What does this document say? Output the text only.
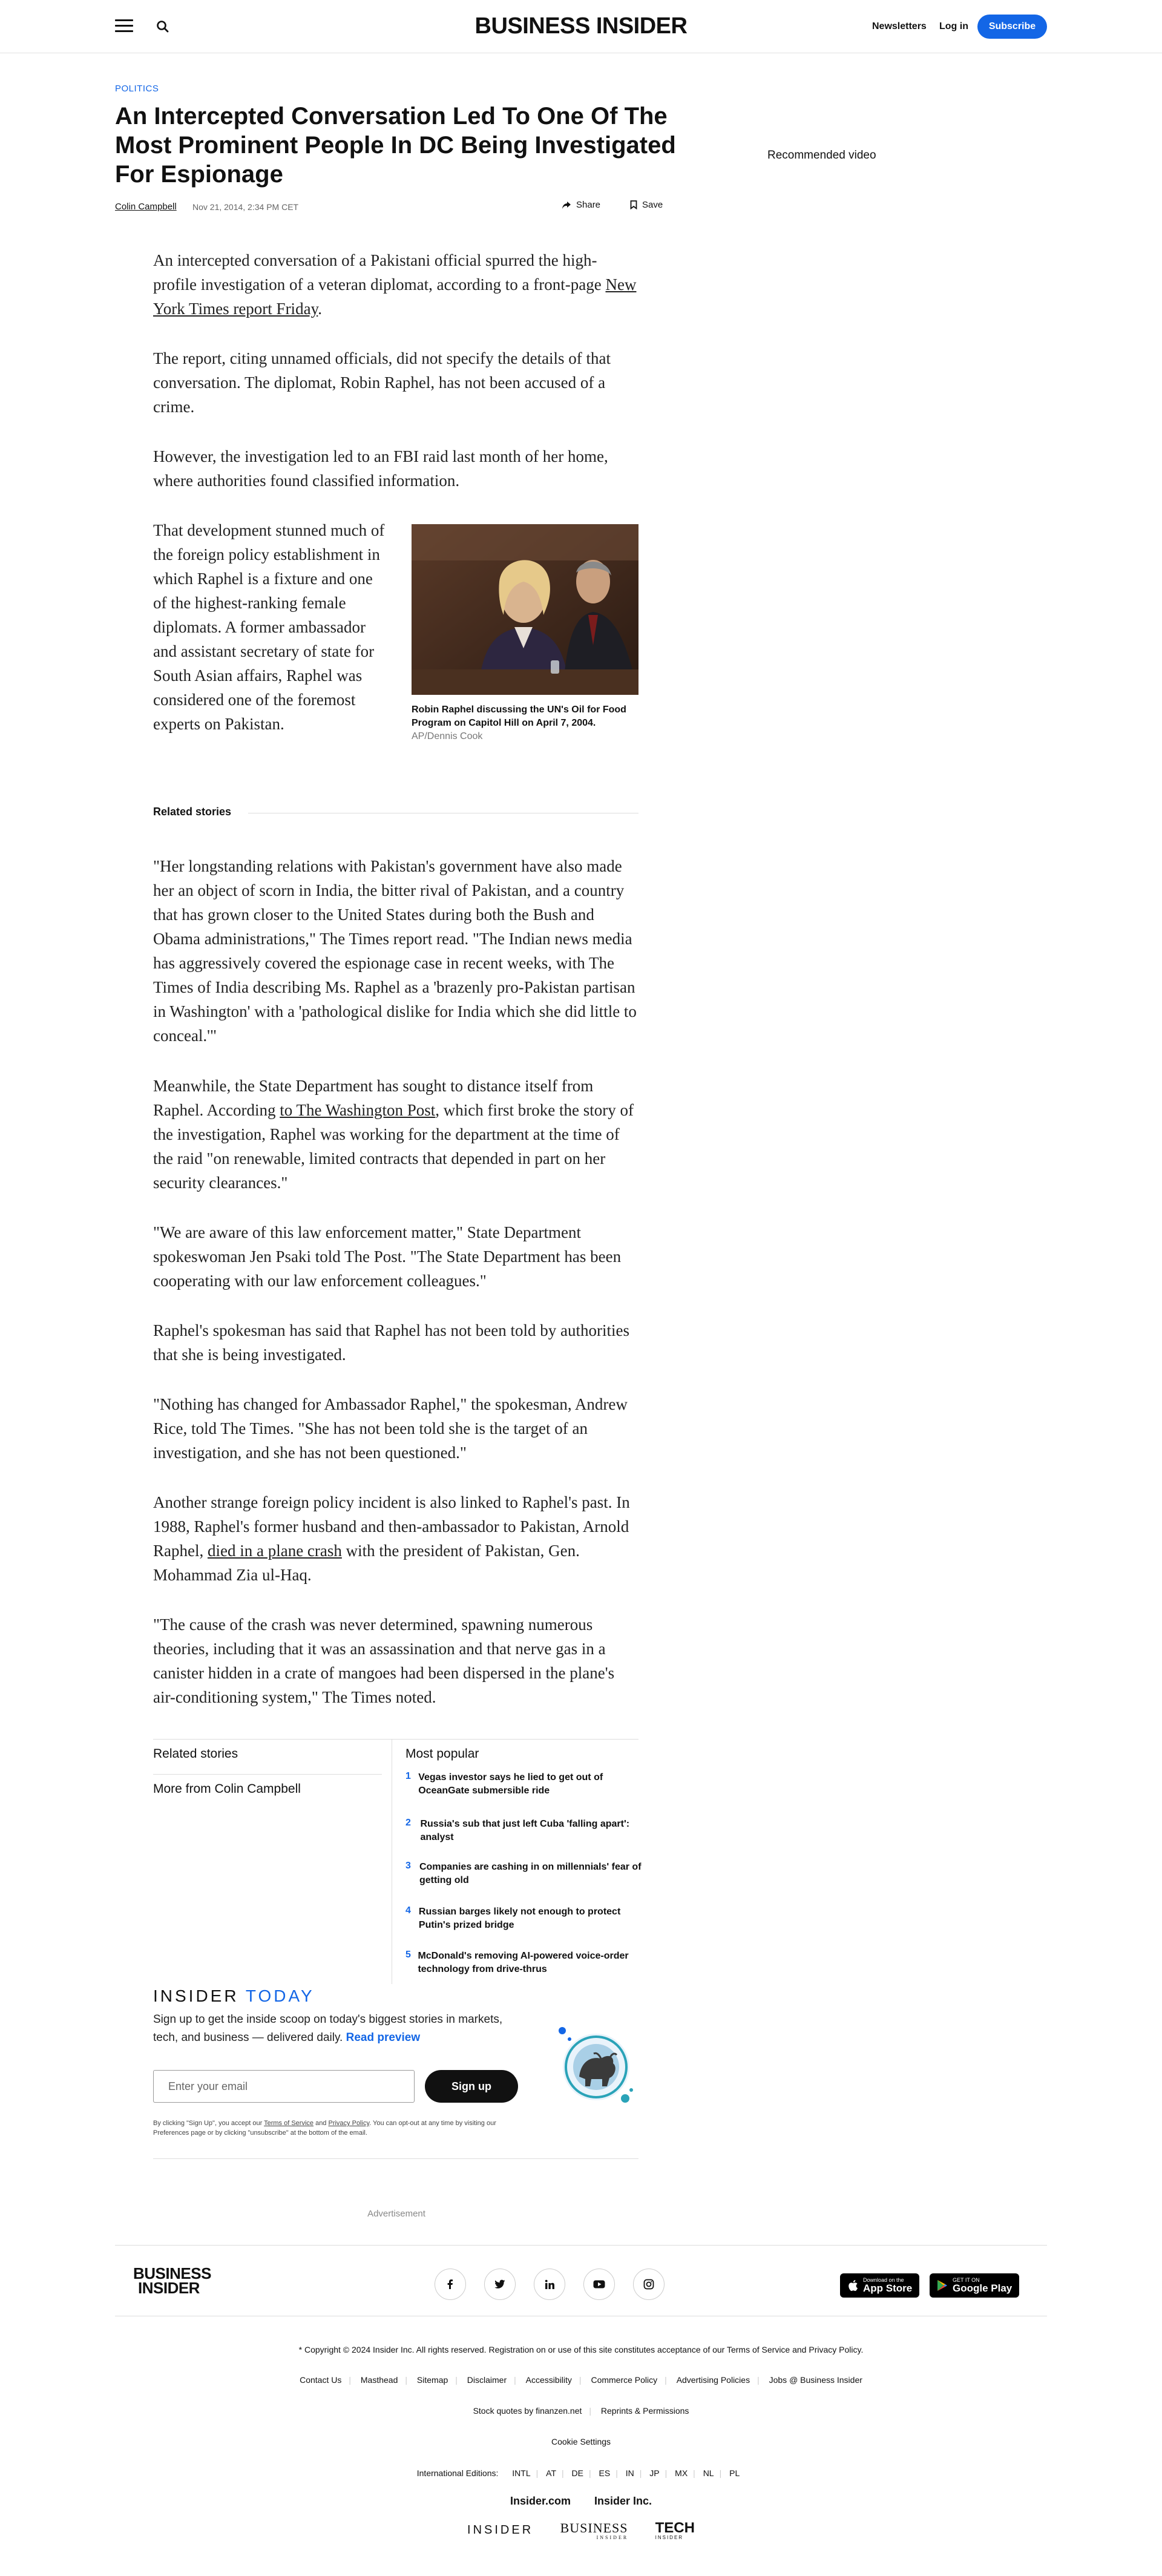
BUSINESS INSIDER	Newsletters Log in	Subscribe
POLITICS
An Intercepted Conversation Led To One Of The Most Prominent People In DC Being Investigated For Espionage
Colin Campbell Nov 21, 2014, 2:34 PM CET	Share	Save
Recommended video

An intercepted conversation of a Pakistani official spurred the high-profile investigation of a veteran diplomat, according to a front-page New York Times report Friday.

The report, citing unnamed officials, did not specify the details of that conversation. The diplomat, Robin Raphel, has not been accused of a crime.

However, the investigation led to an FBI raid last month of her home, where authorities found classified information.

That development stunned much of the foreign policy establishment in which Raphel is a fixture and one of the highest-ranking female diplomats. A former ambassador and assistant secretary of state for South Asian affairs, Raphel was considered one of the foremost experts on Pakistan.

Robin Raphel discussing the UN's Oil for Food Program on Capitol Hill on April 7, 2004. AP/Dennis Cook
Related stories

"Her longstanding relations with Pakistan's government have also made her an object of scorn in India, the bitter rival of Pakistan, and a country that has grown closer to the United States during both the Bush and Obama administrations," The Times report read. "The Indian news media has aggressively covered the espionage case in recent weeks, with The Times of India describing Ms. Raphel as a 'brazenly pro-Pakistan partisan in Washington' with a 'pathological dislike for India which she did little to conceal.'"

Meanwhile, the State Department has sought to distance itself from Raphel. According to The Washington Post, which first broke the story of the investigation, Raphel was working for the department at the time of the raid "on renewable, limited contracts that depended in part on her security clearances."

"We are aware of this law enforcement matter," State Department spokeswoman Jen Psaki told The Post. "The State Department has been cooperating with our law enforcement colleagues."

Raphel's spokesman has said that Raphel has not been told by authorities that she is being investigated.

"Nothing has changed for Ambassador Raphel," the spokesman, Andrew Rice, told The Times. "She has not been told she is the target of an investigation, and she has not been questioned."

Another strange foreign policy incident is also linked to Raphel's past. In 1988, Raphel's former husband and then-ambassador to Pakistan, Arnold Raphel, died in a plane crash with the president of Pakistan, Gen. Mohammad Zia ul-Haq.

"The cause of the crash was never determined, spawning numerous theories, including that it was an assassination and that nerve gas in a canister hidden in a crate of mangoes had been dispersed in the plane's air-conditioning system," The Times noted.

Related stories
More from Colin Campbell
Most popular
1 Vegas investor says he lied to get out of OceanGate submersible ride
2 Russia's sub that just left Cuba 'falling apart': analyst
3 Companies are cashing in on millennials' fear of getting old
4 Russian barges likely not enough to protect Putin's prized bridge
5 McDonald's removing AI-powered voice-order technology from drive-thrus
INSIDER TODAY
Sign up to get the inside scoop on today's biggest stories in markets, tech, and business — delivered daily. Read preview
Enter your email
Sign up
By clicking "Sign Up", you accept our Terms of Service and Privacy Policy. You can opt-out at any time by visiting our Preferences page or by clicking "unsubscribe" at the bottom of the email.
Advertisement
BUSINESS
INSIDER	Download on the
App Store
GET IT ON
Google Play
* Copyright © 2024 Insider Inc. All rights reserved. Registration on or use of this site constitutes acceptance of our Terms of Service and Privacy Policy.
Contact Us | Masthead | Sitemap | Disclaimer | Accessibility | Commerce Policy | Advertising Policies | Jobs @ Business Insider
Stock quotes by finanzen.net | Reprints & Permissions
Cookie Settings
International Editions: INTL | AT | DE | ES | IN | JP | MX | NL | PL
Insider.com Insider Inc.
INSIDER BUSINESS
INSIDER

TECH
INSIDER
